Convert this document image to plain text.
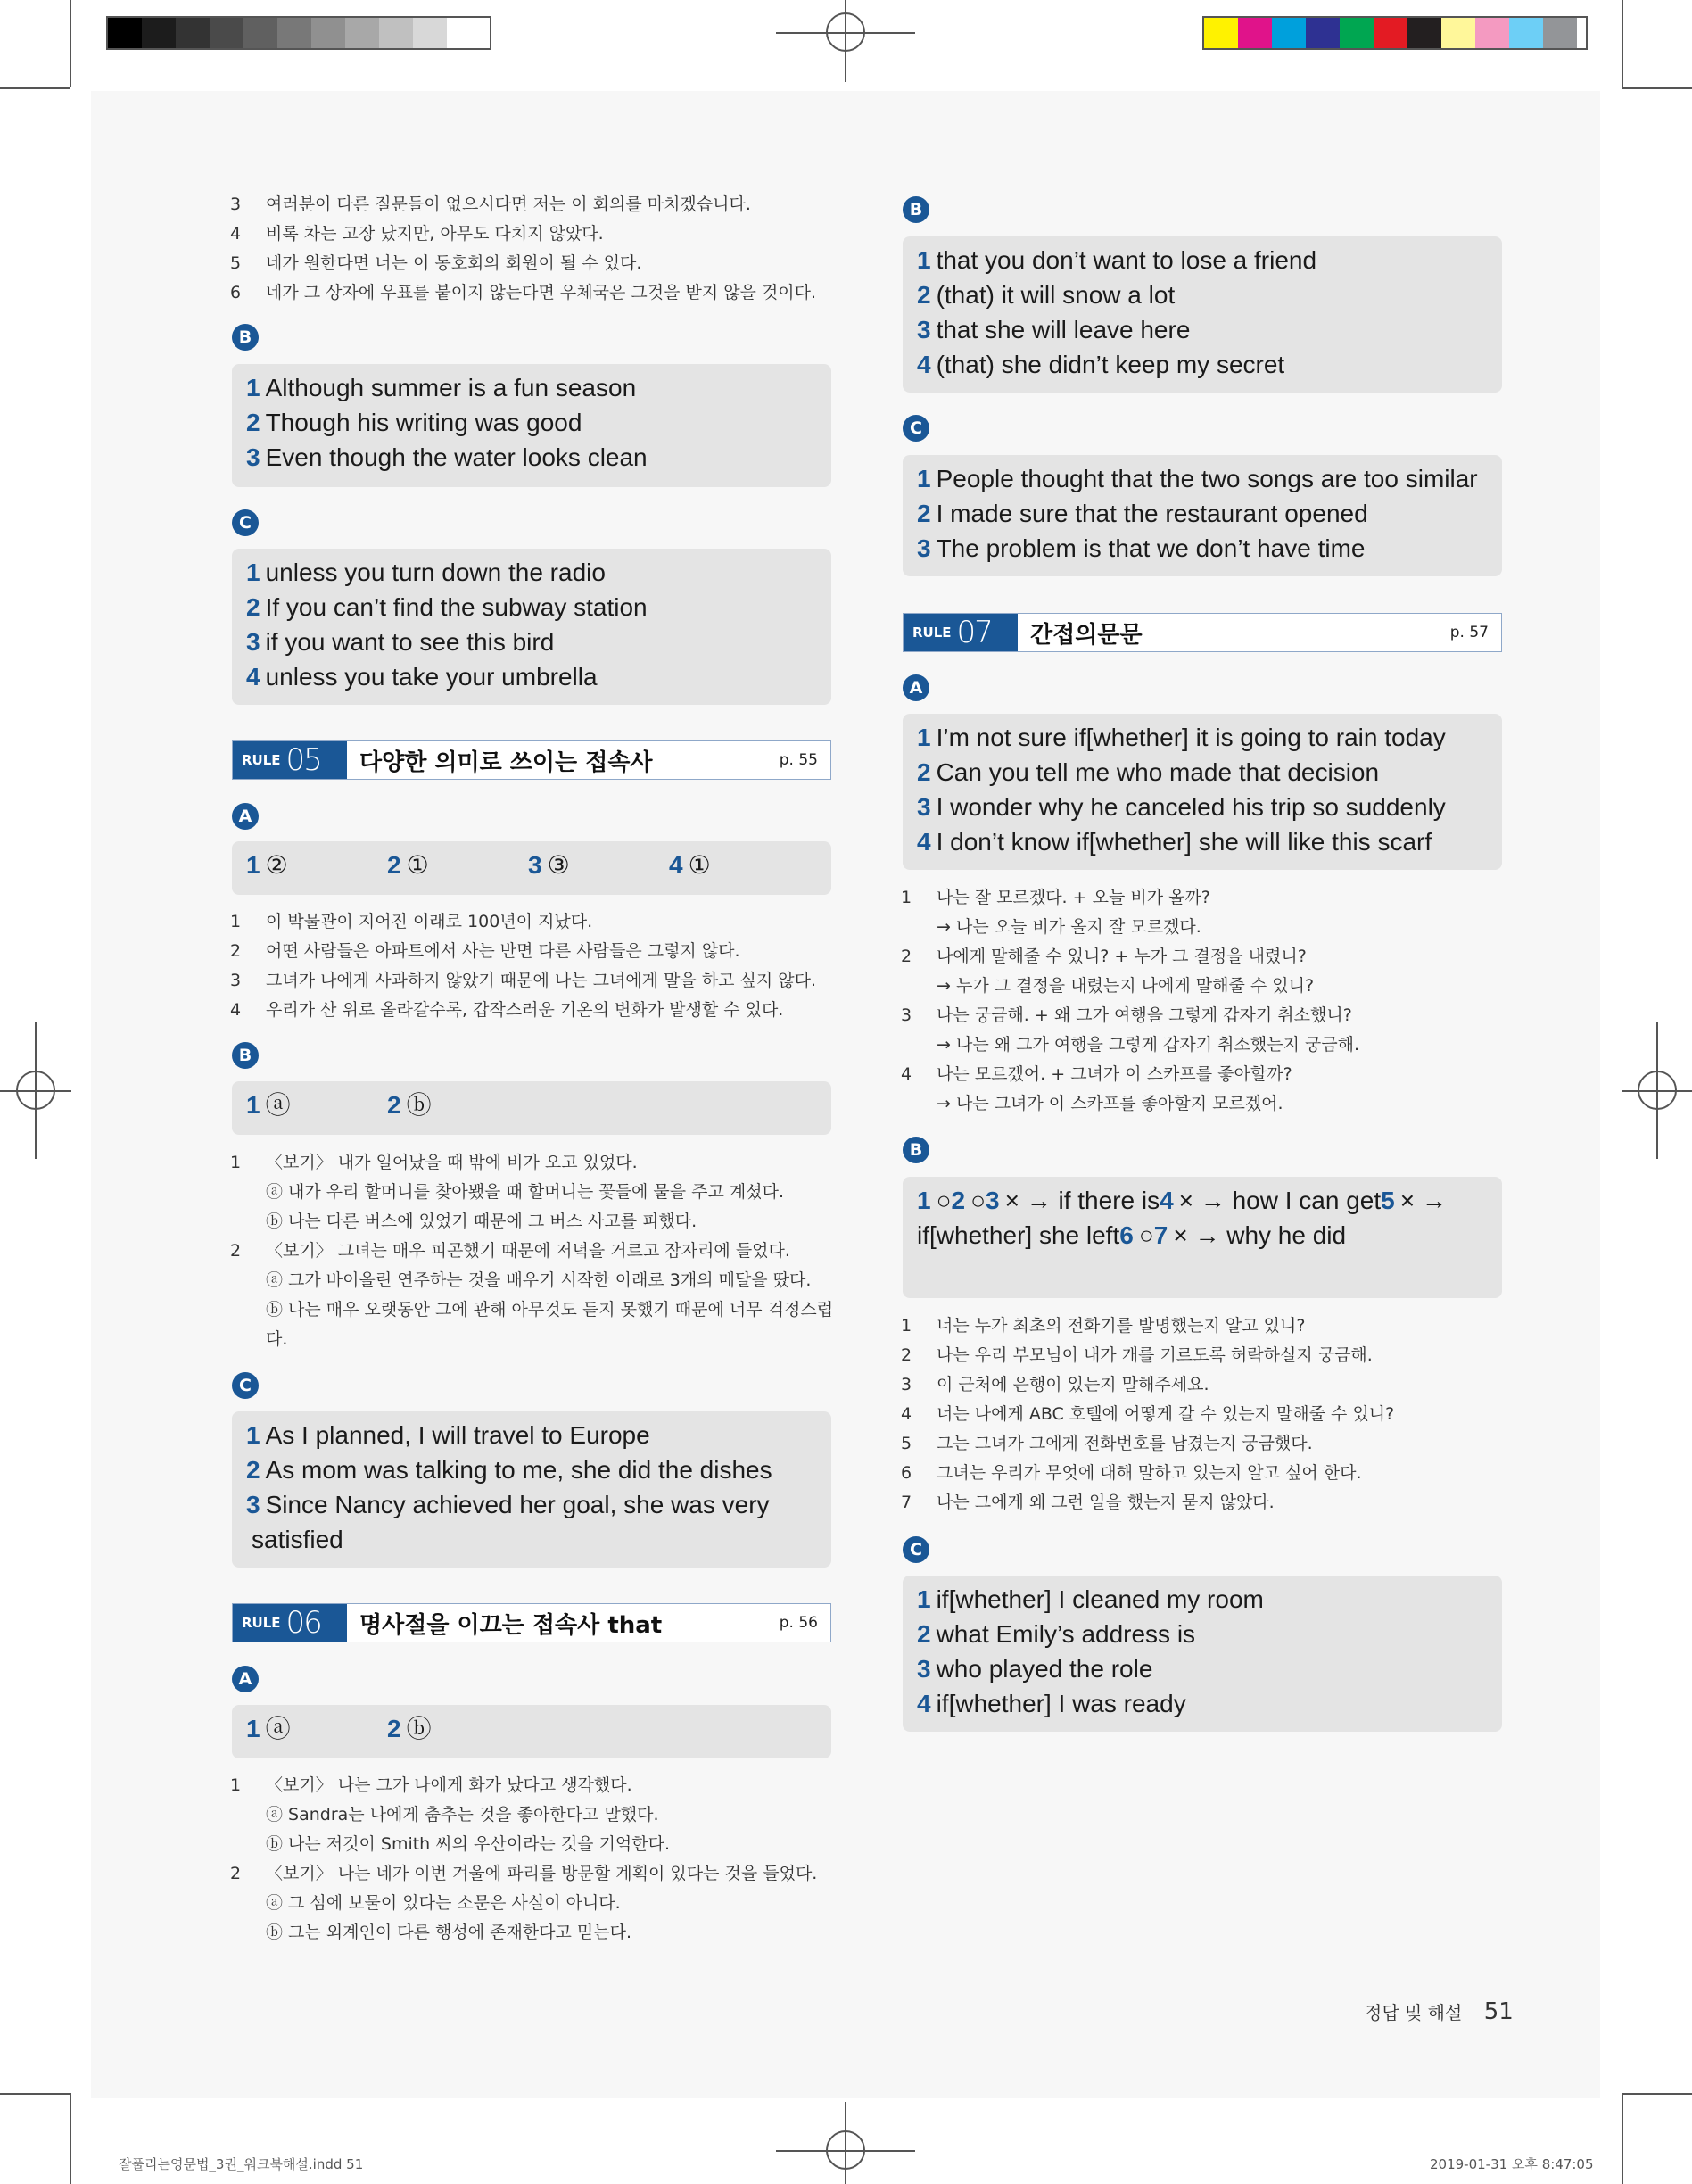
3	여러분이 다른 질문들이 없으시다면 저는 이 회의를 마치겠습니다.
4	비록 차는 고장 났지만, 아무도 다치지 않았다.
5	네가 원한다면 너는 이 동호회의 회원이 될 수 있다.
6	네가 그 상자에 우표를 붙이지 않는다면 우체국은 그것을 받지 않을 것이다.
B
1 Although summer is a fun season
2 Though his writing was good
3 Even though the water looks clean
C
1 unless you turn down the radio
2 If you can’t find the subway station
3 if you want to see this bird
4 unless you take your umbrella
RULE 05 다양한 의미로 쓰이는 접속사	p. 55
A
1 ②	2 ①	3 ③	4 ①
1	이 박물관이 지어진 이래로 100년이 지났다.
2	어떤 사람들은 아파트에서 사는 반면 다른 사람들은 그렇지 않다.
3	그녀가 나에게 사과하지 않았기 때문에 나는 그녀에게 말을 하고 싶지 않다.
4	우리가 산 위로 올라갈수록, 갑작스러운 기온의 변화가 발생할 수 있다.
B
1 ⓐ	2 ⓑ
1	〈보기〉 내가 일어났을 때 밖에 비가 오고 있었다.
ⓐ 내가 우리 할머니를 찾아뵀을 때 할머니는 꽃들에 물을 주고 계셨다.
ⓑ 나는 다른 버스에 있었기 때문에 그 버스 사고를 피했다.
2	〈보기〉 그녀는 매우 피곤했기 때문에 저녁을 거르고 잠자리에 들었다.
ⓐ 그가 바이올린 연주하는 것을 배우기 시작한 이래로 3개의 메달을 땄다.
ⓑ 나는 매우 오랫동안 그에 관해 아무것도 듣지 못했기 때문에 너무 걱정스럽
다.
C
1 As I planned, I will travel to Europe
2 As mom was talking to me, she did the dishes
3 Since Nancy achieved her goal, she was very
satisfied
RULE 06 명사절을 이끄는 접속사 that	p. 56
A
1 ⓐ	2 ⓑ
1	〈보기〉 나는 그가 나에게 화가 났다고 생각했다.
ⓐ Sandra는 나에게 춤추는 것을 좋아한다고 말했다.
ⓑ 나는 저것이 Smith 씨의 우산이라는 것을 기억한다.
2	〈보기〉 나는 네가 이번 겨울에 파리를 방문할 계획이 있다는 것을 들었다.
ⓐ 그 섬에 보물이 있다는 소문은 사실이 아니다.
ⓑ 그는 외계인이 다른 행성에 존재한다고 믿는다.
B
1 that you don’t want to lose a friend
2 (that) it will snow a lot
3 that she will leave here
4 (that) she didn’t keep my secret
C
1 People thought that the two songs are too similar
2 I made sure that the restaurant opened
3 The problem is that we don’t have time
RULE 07 간접의문문	p. 57
A
1 I’m not sure if[whether] it is going to rain today
2 Can you tell me who made that decision
3 I wonder why he canceled his trip so suddenly
4 I don’t know if[whether] she will like this scarf
1	나는 잘 모르겠다. + 오늘 비가 올까?
→ 나는 오늘 비가 올지 잘 모르겠다.
2	나에게 말해줄 수 있니? + 누가 그 결정을 내렸니?
→ 누가 그 결정을 내렸는지 나에게 말해줄 수 있니?
3	나는 궁금해. + 왜 그가 여행을 그렇게 갑자기 취소했니?
→ 나는 왜 그가 여행을 그렇게 갑자기 취소했는지 궁금해.
4	나는 모르겠어. + 그녀가 이 스카프를 좋아할까?
→ 나는 그녀가 이 스카프를 좋아할지 모르겠어.
B
1 ○2 ○3 × → if there is4 × → how I can get5 × → if[whether] she left6 ○7 × → why he did
1	너는 누가 최초의 전화기를 발명했는지 알고 있니?
2	나는 우리 부모님이 내가 개를 기르도록 허락하실지 궁금해.
3	이 근처에 은행이 있는지 말해주세요.
4	너는 나에게 ABC 호텔에 어떻게 갈 수 있는지 말해줄 수 있니?
5	그는 그녀가 그에게 전화번호를 남겼는지 궁금했다.
6	그녀는 우리가 무엇에 대해 말하고 있는지 알고 싶어 한다.
7	나는 그에게 왜 그런 일을 했는지 묻지 않았다.
C
1 if[whether] I cleaned my room
2 what Emily’s address is
3 who played the role
4 if[whether] I was ready
정답 및 해설 51
잘풀리는영문법_3권_워크북해설.indd 51	2019-01-31 오후 8:47:05
